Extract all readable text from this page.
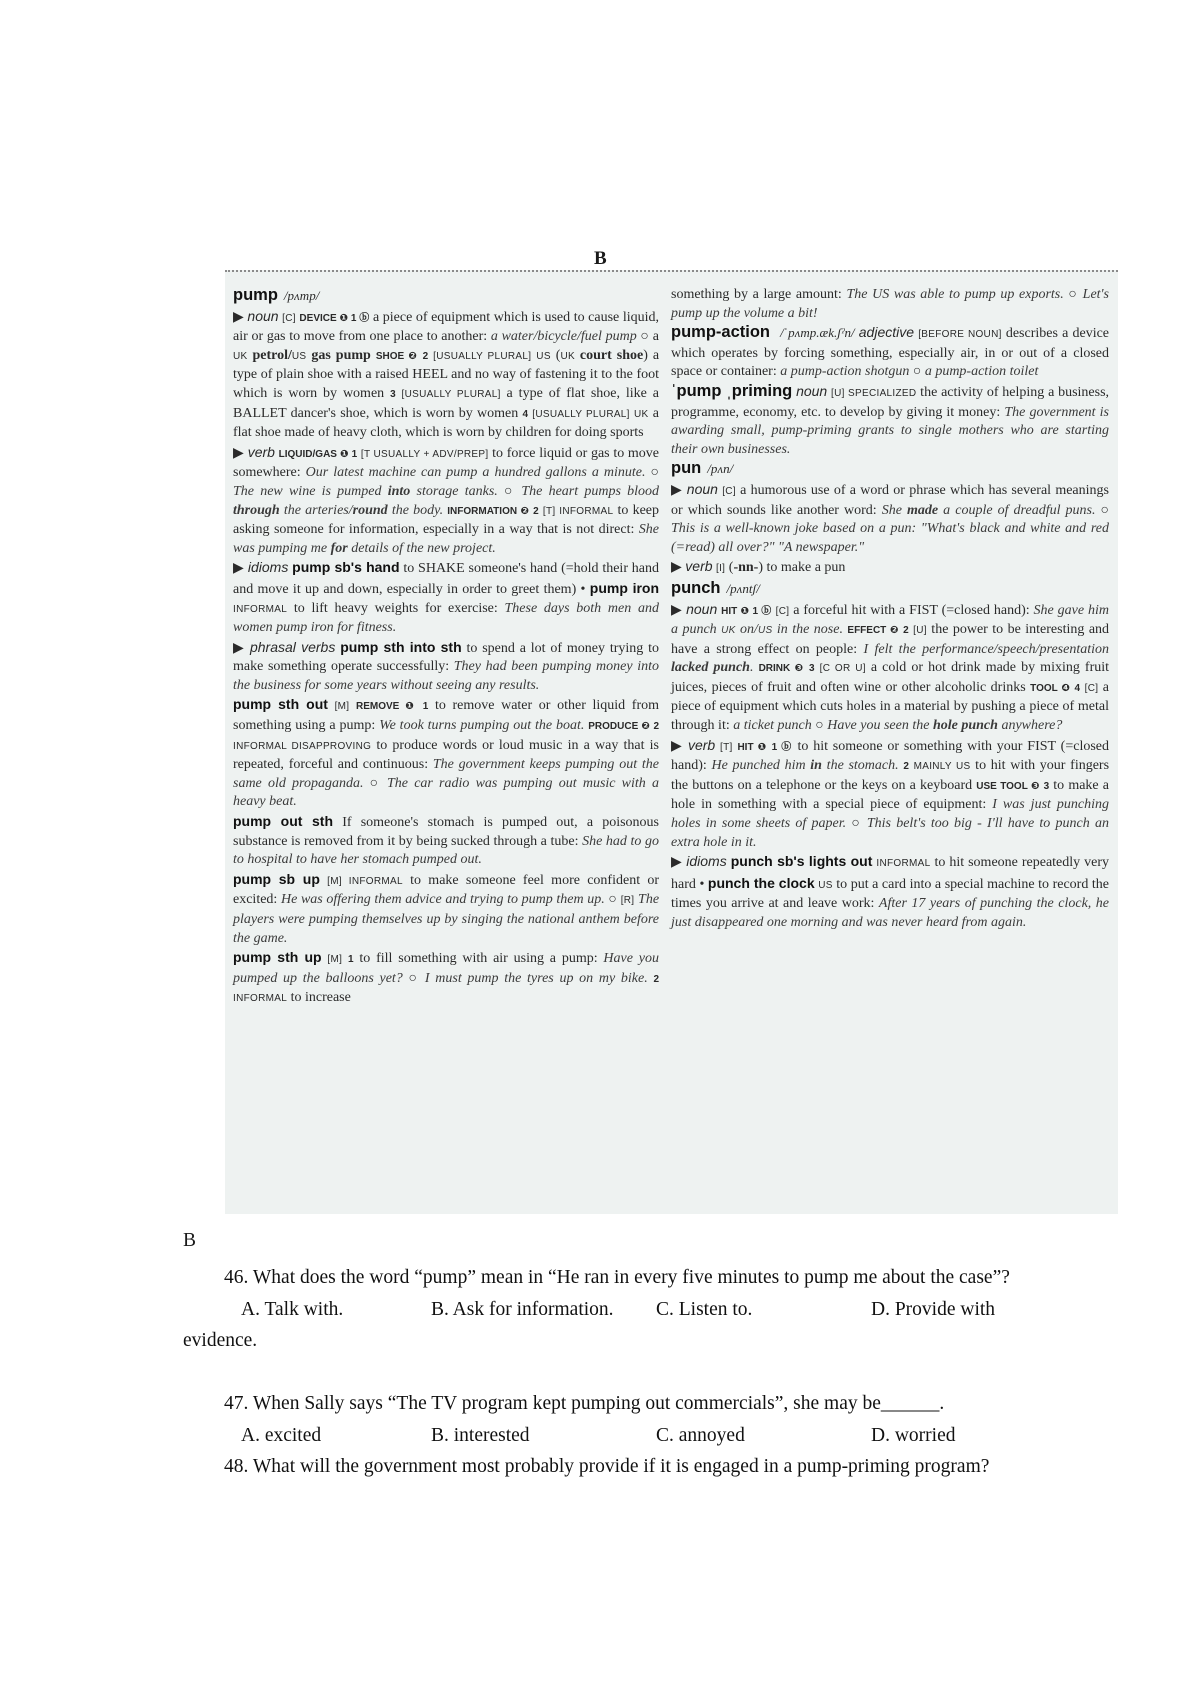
B

pump /pʌmp/

▶ noun [C] DEVICE ❶ 1 ⓑ a piece of equipment which is used to cause liquid, air or gas to move from one place to another: a water/bicycle/fuel pump ○ a UK petrol/US gas pump SHOE ❷ 2 [USUALLY PLURAL] US (UK court shoe) a type of plain shoe with a raised HEEL and no way of fastening it to the foot which is worn by women 3 [USUALLY PLURAL] a type of flat shoe, like a BALLET dancer's shoe, which is worn by women 4 [USUALLY PLURAL] UK a flat shoe made of heavy cloth, which is worn by children for doing sports

▶ verb LIQUID/GAS ❶ 1 [T USUALLY + ADV/PREP] to force liquid or gas to move somewhere: Our latest machine can pump a hundred gallons a minute. ○ The new wine is pumped into storage tanks. ○ The heart pumps blood through the arteries/round the body. INFORMATION ❷ 2 [T] INFORMAL to keep asking someone for information, especially in a way that is not direct: She was pumping me for details of the new project.

▶ idioms pump sb's hand to SHAKE someone's hand (=hold their hand and move it up and down, especially in order to greet them) • pump iron INFORMAL to lift heavy weights for exercise: These days both men and women pump iron for fitness.

▶ phrasal verbs pump sth into sth to spend a lot of money trying to make something operate successfully: They had been pumping money into the business for some years without seeing any results.

pump sth out [M] REMOVE ❶ 1 to remove water or other liquid from something using a pump: We took turns pumping out the boat. PRODUCE ❷ 2 INFORMAL DISAPPROVING to produce words or loud music in a way that is repeated, forceful and continuous: The government keeps pumping out the same old propaganda. ○ The car radio was pumping out music with a heavy beat.

pump out sth If someone's stomach is pumped out, a poisonous substance is removed from it by being sucked through a tube: She had to go to hospital to have her stomach pumped out.

pump sb up [M] INFORMAL to make someone feel more confident or excited: He was offering them advice and trying to pump them up. ○ [R] The players were pumping themselves up by singing the national anthem before the game.

pump sth up [M] 1 to fill something with air using a pump: Have you pumped up the balloons yet? ○ I must pump the tyres up on my bike. 2 INFORMAL to increase

something by a large amount: The US was able to pump up exports. ○ Let's pump up the volume a bit!

pump-action /ˈpʌmp.æk.ʃˀn/ adjective [BEFORE NOUN] describes a device which operates by forcing something, especially air, in or out of a closed space or container: a pump-action shotgun ○ a pump-action toilet

ˈpump ˌpriming noun [U] SPECIALIZED the activity of helping a business, programme, economy, etc. to develop by giving it money: The government is awarding small, pump-priming grants to single mothers who are starting their own businesses.

pun /pʌn/

▶ noun [C] a humorous use of a word or phrase which has several meanings or which sounds like another word: She made a couple of dreadful puns. ○ This is a well-known joke based on a pun: "What's black and white and red (=read) all over?" "A newspaper."

▶ verb [I] (-nn-) to make a pun

punch /pʌntʃ/

▶ noun HIT ❶ 1 ⓑ [C] a forceful hit with a FIST (=closed hand): She gave him a punch UK on/US in the nose. EFFECT ❷ 2 [U] the power to be interesting and have a strong effect on people: I felt the performance/speech/presentation lacked punch. DRINK ❸ 3 [C OR U] a cold or hot drink made by mixing fruit juices, pieces of fruit and often wine or other alcoholic drinks TOOL ❹ 4 [C] a piece of equipment which cuts holes in a material by pushing a piece of metal through it: a ticket punch ○ Have you seen the hole punch anywhere?

▶ verb [T] HIT ❶ 1 ⓑ to hit someone or something with your FIST (=closed hand): He punched him in the stomach. 2 MAINLY US to hit with your fingers the buttons on a telephone or the keys on a keyboard USE TOOL ❸ 3 to make a hole in something with a special piece of equipment: I was just punching holes in some sheets of paper. ○ This belt's too big - I'll have to punch an extra hole in it.

▶ idioms punch sb's lights out INFORMAL to hit someone repeatedly very hard • punch the clock US to put a card into a special machine to record the times you arrive at and leave work: After 17 years of punching the clock, he just disappeared one morning and was never heard from again.

B

46. What does the word “pump” mean in “He ran in every five minutes to pump me about the case”?

A. Talk with.	B. Ask for information. C. Listen to.	D. Provide with

evidence.

47. When Sally says “The TV program kept pumping out commercials”, she may be______.

A. excited	B. interested	C. annoyed	D. worried

48. What will the government most probably provide if it is engaged in a pump-priming program?
